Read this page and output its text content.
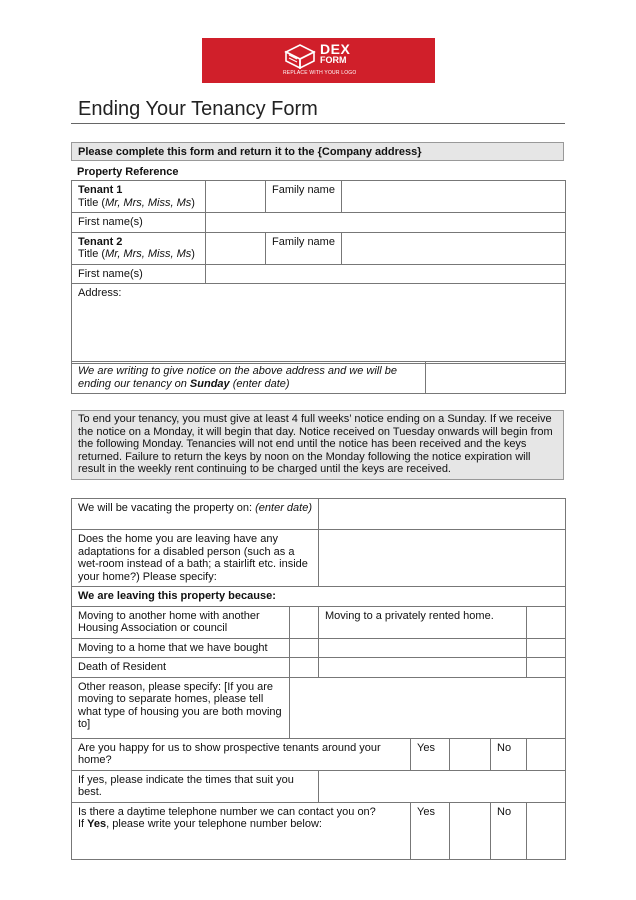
DEX
FORM
REPLACE WITH YOUR LOGO
Ending Your Tenancy Form
Please complete this form and return it to the {Company address}
Property Reference
Tenant 1
Title (Mr, Mrs, Miss, Ms)		Family name	
First name(s)			
Tenant 2
Title (Mr, Mrs, Miss, Ms)		Family name	
First name(s)			
Address:			
We are writing to give notice on the above address and we will be ending our tenancy on Sunday (enter date)	
To end your tenancy, you must give at least 4 full weeks’ notice ending on a Sunday. If we receive the notice on a Monday, it will begin that day. Notice received on Tuesday onwards will begin from the following Monday. Tenancies will not end until the notice has been received and the keys returned. Failure to return the keys by noon on the Monday following the notice expiration will result in the weekly rent continuing to be charged until the keys are received.
We will be vacating the property on: (enter date)						
Does the home you are leaving have any adaptations for a disabled person (such as a wet-room instead of a bath; a stairlift etc. inside your home?) Please specify:						
We are leaving this property because:						
Moving to another home with another Housing Association or council		Moving to a privately rented home.				
Moving to a home that we have bought						
Death of Resident						
Other reason, please specify: [If you are moving to separate homes, please tell what type of housing you are both moving to]						
Are you happy for us to show prospective tenants around your home?			Yes		No	
If yes, please indicate the times that suit you best.						
Is there a daytime telephone number we can contact you on?
If Yes, please write your telephone number below:			Yes		No	
